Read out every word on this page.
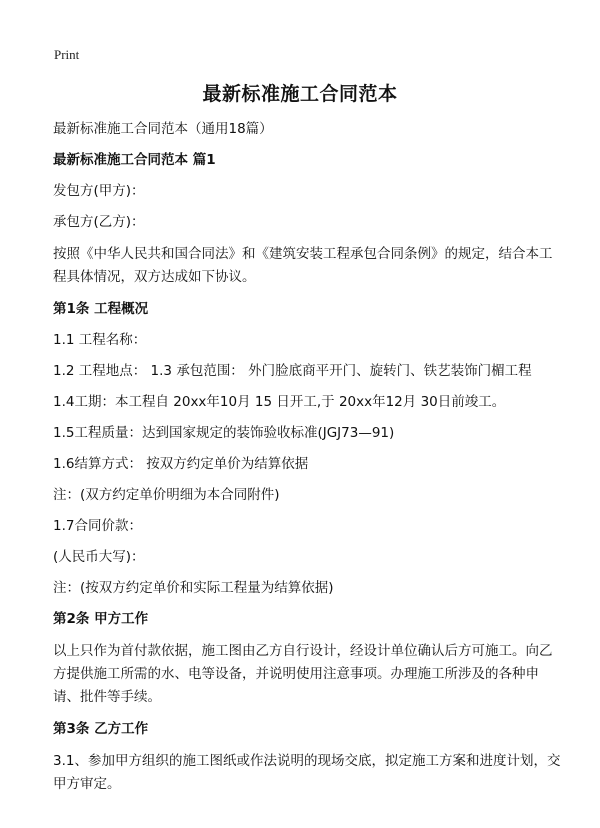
Print
最新标准施工合同范本
最新标准施工合同范本（通用18篇）
最新标准施工合同范本 篇1
发包方(甲方)：
承包方(乙方)：
按照《中华人民共和国合同法》和《建筑安装工程承包合同条例》的规定，结合本工程具体情况，双方达成如下协议。
第1条 工程概况
1.1 工程名称：
1.2 工程地点： 1.3 承包范围： 外门脸底商平开门、旋转门、铁艺装饰门楣工程
1.4工期：本工程自 20xx年10月 15 日开工,于 20xx年12月 30日前竣工。
1.5工程质量：达到国家规定的装饰验收标准(JGJ73—91)
1.6结算方式： 按双方约定单价为结算依据
注：(双方约定单价明细为本合同附件)
1.7合同价款：
(人民币大写)：
注：(按双方约定单价和实际工程量为结算依据)
第2条 甲方工作
以上只作为首付款依据，施工图由乙方自行设计，经设计单位确认后方可施工。向乙方提供施工所需的水、电等设备，并说明使用注意事项。办理施工所涉及的各种申请、批件等手续。
第3条 乙方工作
3.1、参加甲方组织的施工图纸或作法说明的现场交底，拟定施工方案和进度计划，交甲方审定。
